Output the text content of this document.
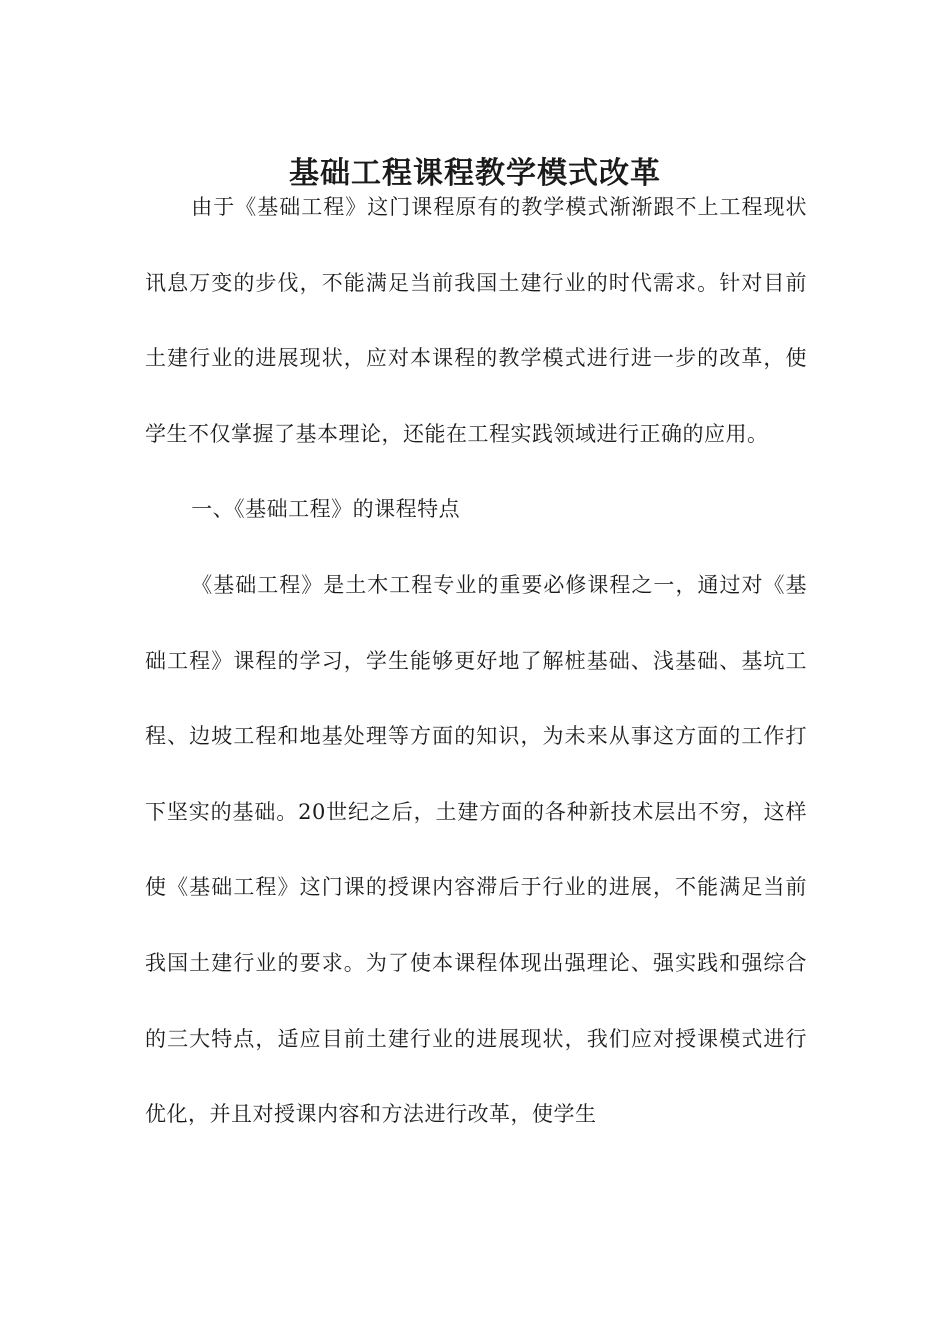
基础工程课程教学模式改革

由于《基础工程》这门课程原有的教学模式渐渐跟不上工程现状讯息万变的步伐，不能满足当前我国土建行业的时代需求。针对目前土建行业的进展现状，应对本课程的教学模式进行进一步的改革，使学生不仅掌握了基本理论，还能在工程实践领域进行正确的应用。

一、《基础工程》的课程特点

《基础工程》是土木工程专业的重要必修课程之一，通过对《基础工程》课程的学习，学生能够更好地了解桩基础、浅基础、基坑工程、边坡工程和地基处理等方面的知识，为未来从事这方面的工作打下坚实的基础。20世纪之后，土建方面的各种新技术层出不穷，这样使《基础工程》这门课的授课内容滞后于行业的进展，不能满足当前我国土建行业的要求。为了使本课程体现出强理论、强实践和强综合的三大特点，适应目前土建行业的进展现状，我们应对授课模式进行优化，并且对授课内容和方法进行改革，使学生
